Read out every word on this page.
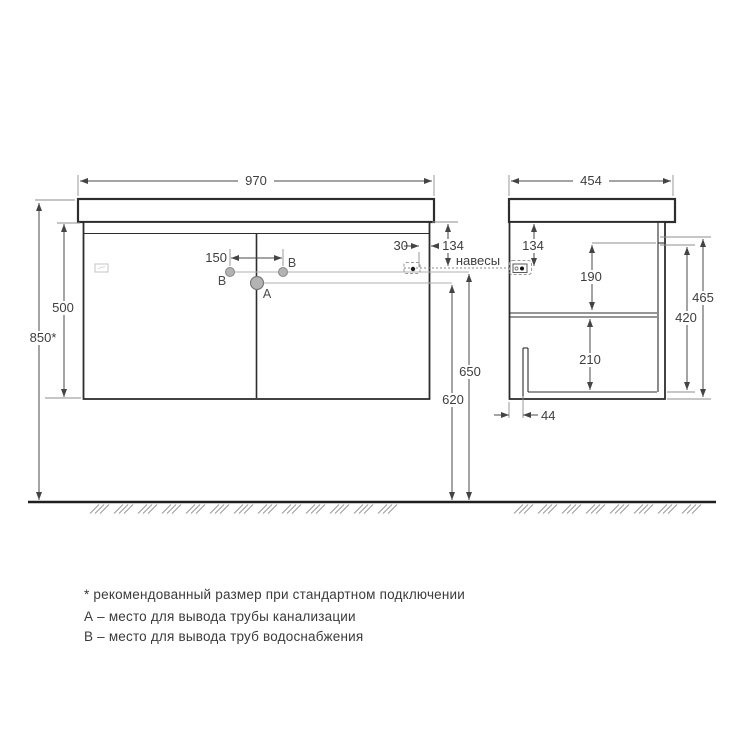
970
850*
500
150
30	134
650
620
навесы
B
B
A
454
134
190
210
465
420
44
* рекомендованный размер при стандартном подключении
А – место для вывода трубы канализации
В – место для вывода труб водоснабжения
